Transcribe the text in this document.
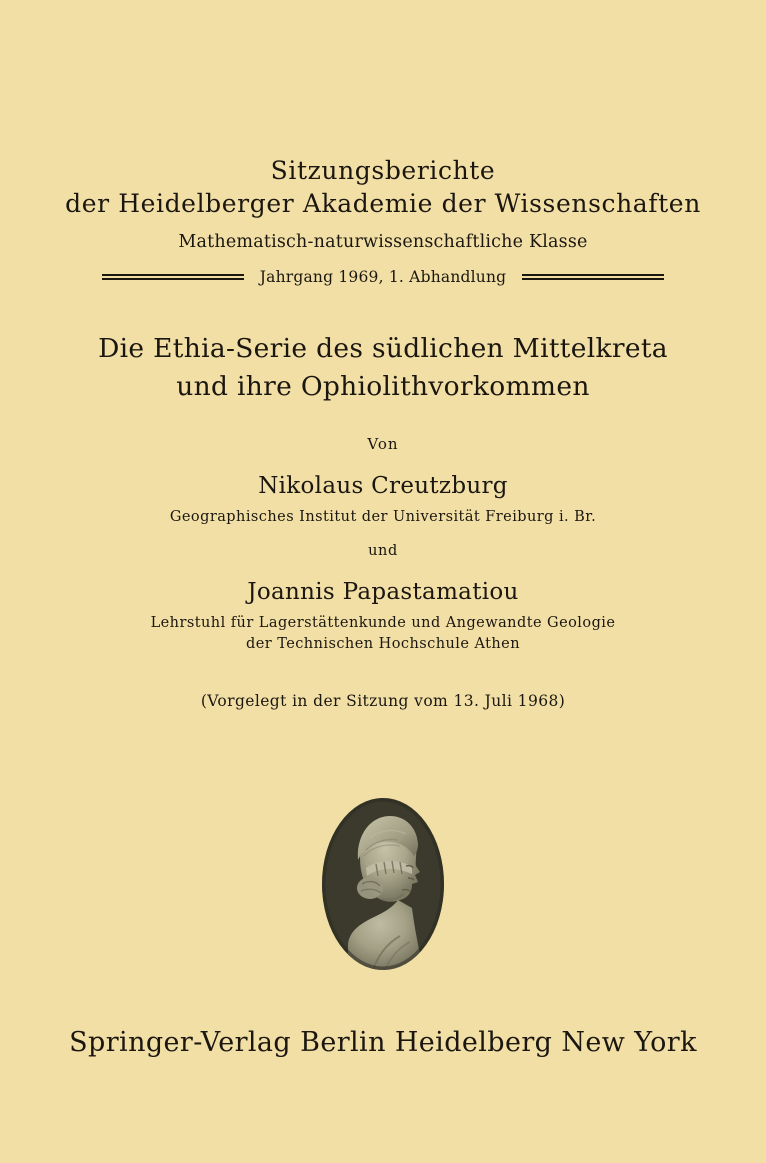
Sitzungsberichte
der Heidelberger Akademie der Wissenschaften
Mathematisch-naturwissenschaftliche Klasse
Jahrgang 1969, 1. Abhandlung
Die Ethia-Serie des südlichen Mittelkreta
und ihre Ophiolithvorkommen
Von
Nikolaus Creutzburg
Geographisches Institut der Universität Freiburg i. Br.
und
Joannis Papastamatiou
Lehrstuhl für Lagerstättenkunde und Angewandte Geologie
der Technischen Hochschule Athen
(Vorgelegt in der Sitzung vom 13. Juli 1968)
Springer-Verlag Berlin Heidelberg New York
